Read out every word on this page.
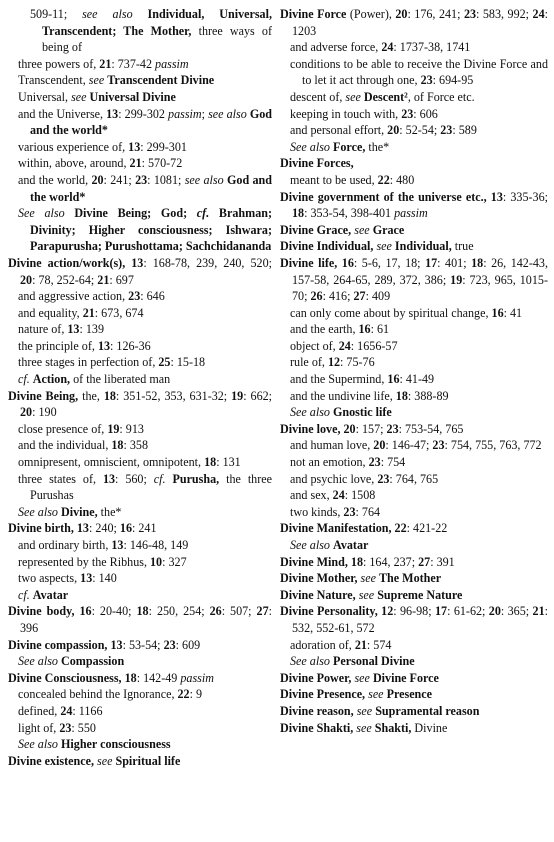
509-11; see also Individual, Universal, Transcendent; The Mother, three ways of being of

three powers of, 21: 737-42 passim

Transcendent, see Transcendent Divine

Universal, see Universal Divine

and the Universe, 13: 299-302 passim; see also God and the world*

various experience of, 13: 299-301

within, above, around, 21: 570-72

and the world, 20: 241; 23: 1081; see also God and the world*

See also Divine Being; God; cf. Brahman; Divinity; Higher consciousness; Ishwara; Parapurusha; Purushottama; Sachchidananda

Divine action/work(s), 13: 168-78, 239, 240, 520; 20: 78, 252-64; 21: 697

and aggressive action, 23: 646

and equality, 21: 673, 674

nature of, 13: 139

the principle of, 13: 126-36

three stages in perfection of, 25: 15-18

cf. Action, of the liberated man

Divine Being, the, 18: 351-52, 353, 631-32; 19: 662; 20: 190

close presence of, 19: 913

and the individual, 18: 358

omnipresent, omniscient, omnipotent, 18: 131

three states of, 13: 560; cf. Purusha, the three Purushas

See also Divine, the*

Divine birth, 13: 240; 16: 241

and ordinary birth, 13: 146-48, 149

represented by the Ribhus, 10: 327

two aspects, 13: 140

cf. Avatar

Divine body, 16: 20-40; 18: 250, 254; 26: 507; 27: 396

Divine compassion, 13: 53-54; 23: 609

See also Compassion

Divine Consciousness, 18: 142-49 passim

concealed behind the Ignorance, 22: 9

defined, 24: 1166

light of, 23: 550

See also Higher consciousness

Divine existence, see Spiritual life

Divine Force (Power), 20: 176, 241; 23: 583, 992; 24: 1203

and adverse force, 24: 1737-38, 1741

conditions to be able to receive the Divine Force and to let it act through one, 23: 694-95

descent of, see Descent², of Force etc.

keeping in touch with, 23: 606

and personal effort, 20: 52-54; 23: 589

See also Force, the*

Divine Forces,

meant to be used, 22: 480

Divine government of the universe etc., 13: 335-36; 18: 353-54, 398-401 passim

Divine Grace, see Grace

Divine Individual, see Individual, true

Divine life, 16: 5-6, 17, 18; 17: 401; 18: 26, 142-43, 157-58, 264-65, 289, 372, 386; 19: 723, 965, 1015-70; 26: 416; 27: 409

can only come about by spiritual change, 16: 41

and the earth, 16: 61

object of, 24: 1656-57

rule of, 12: 75-76

and the Supermind, 16: 41-49

and the undivine life, 18: 388-89

See also Gnostic life

Divine love, 20: 157; 23: 753-54, 765

and human love, 20: 146-47; 23: 754, 755, 763, 772

not an emotion, 23: 754

and psychic love, 23: 764, 765

and sex, 24: 1508

two kinds, 23: 764

Divine Manifestation, 22: 421-22

See also Avatar

Divine Mind, 18: 164, 237; 27: 391

Divine Mother, see The Mother

Divine Nature, see Supreme Nature

Divine Personality, 12: 96-98; 17: 61-62; 20: 365; 21: 532, 552-61, 572

adoration of, 21: 574

See also Personal Divine

Divine Power, see Divine Force

Divine Presence, see Presence

Divine reason, see Supramental reason

Divine Shakti, see Shakti, Divine
